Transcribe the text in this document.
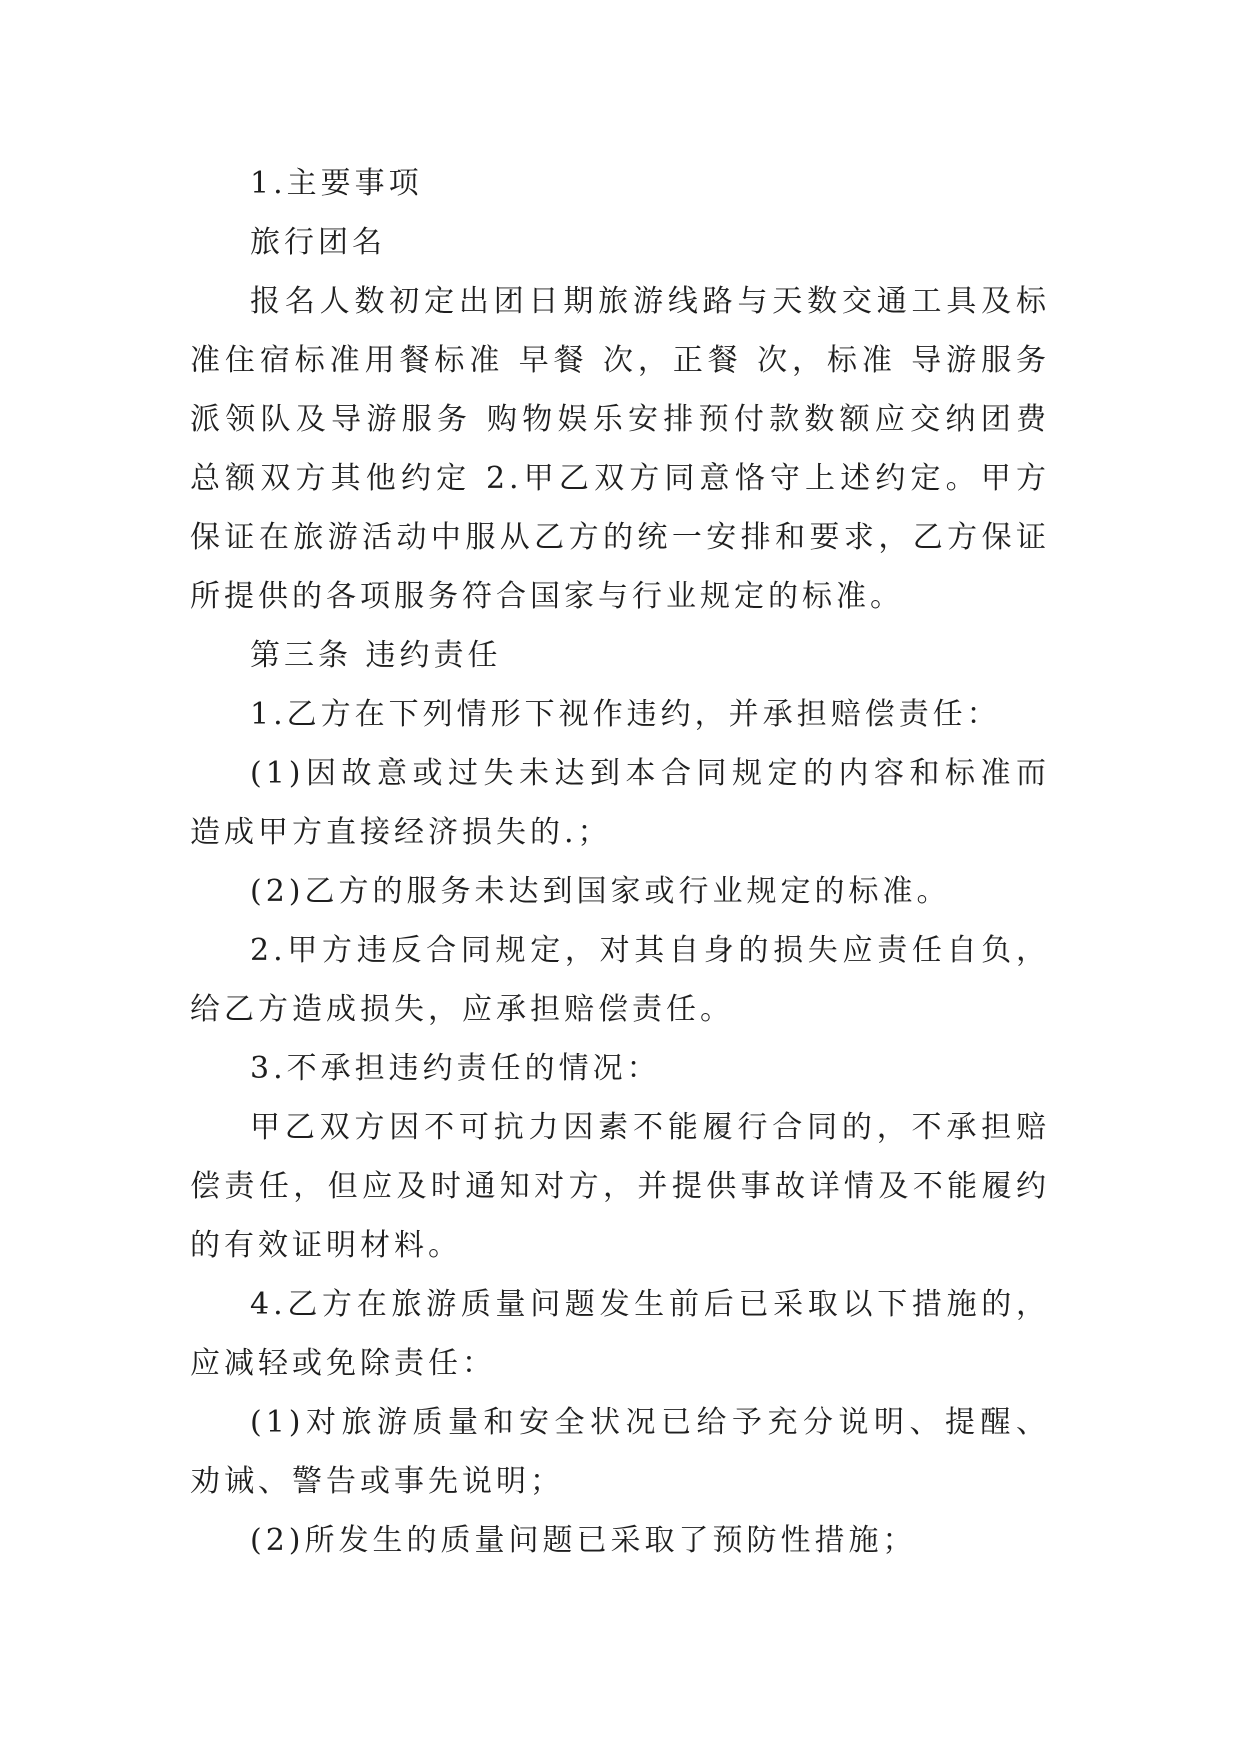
1.主要事项

旅行团名

报名人数初定出团日期旅游线路与天数交通工具及标准住宿标准用餐标准 早餐 次，正餐 次，标准 导游服务派领队及导游服务 购物娱乐安排预付款数额应交纳团费总额双方其他约定 2.甲乙双方同意恪守上述约定。甲方保证在旅游活动中服从乙方的统一安排和要求，乙方保证所提供的各项服务符合国家与行业规定的标准。

第三条 违约责任

1.乙方在下列情形下视作违约，并承担赔偿责任：

(1)因故意或过失未达到本合同规定的内容和标准而造成甲方直接经济损失的.；

(2)乙方的服务未达到国家或行业规定的标准。

2.甲方违反合同规定，对其自身的损失应责任自负，给乙方造成损失，应承担赔偿责任。

3.不承担违约责任的情况：

甲乙双方因不可抗力因素不能履行合同的，不承担赔偿责任，但应及时通知对方，并提供事故详情及不能履约的有效证明材料。

4.乙方在旅游质量问题发生前后已采取以下措施的，应减轻或免除责任：

(1)对旅游质量和安全状况已给予充分说明、提醒、劝诫、警告或事先说明；

(2)所发生的质量问题已采取了预防性措施；
